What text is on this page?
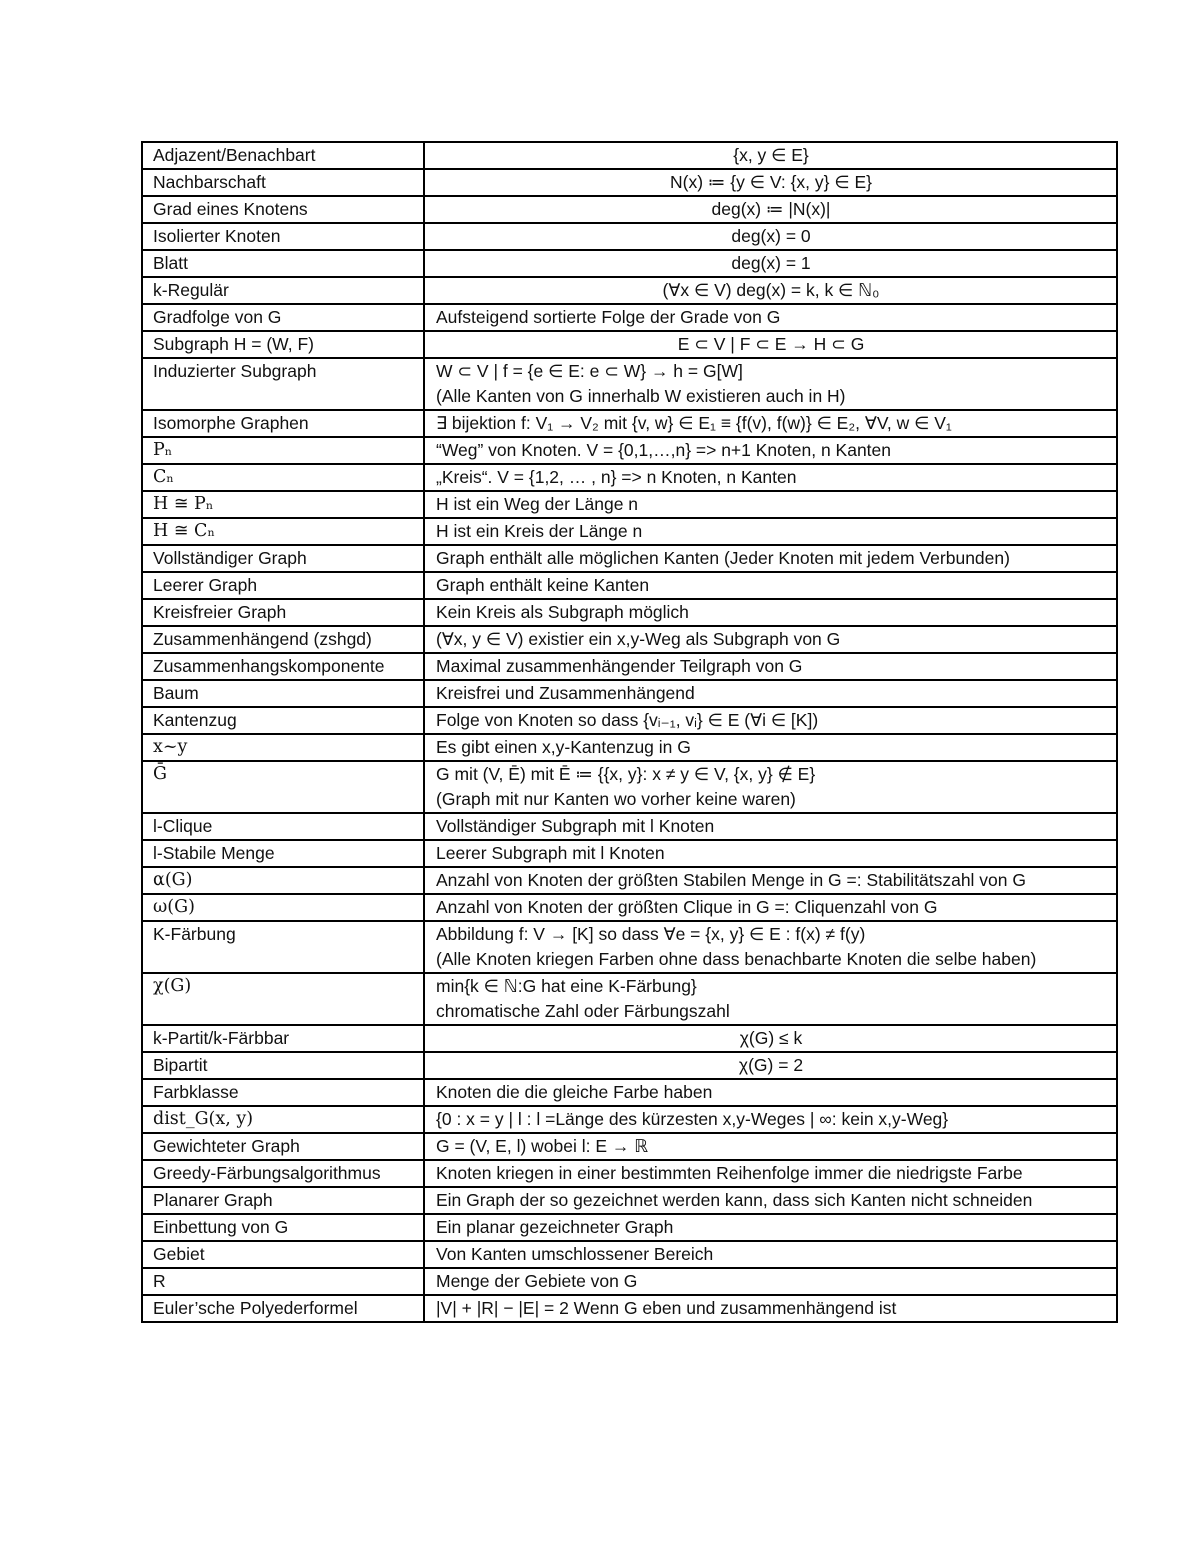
Adjazent/Benachbart	{x, y ∈ E}
Nachbarschaft	N(x) ≔ {y ∈ V: {x, y} ∈ E}
Grad eines Knotens	deg(x) ≔ |N(x)|
Isolierter Knoten	deg(x) = 0
Blatt	deg(x) = 1
k-Regulär	(∀x ∈ V) deg(x) = k, k ∈ ℕ₀
Gradfolge von G	Aufsteigend sortierte Folge der Grade von G
Subgraph H = (W, F)	E ⊂ V | F ⊂ E → H ⊂ G
Induzierter Subgraph	W ⊂ V | f = {e ∈ E: e ⊂ W} → h = G[W]
(Alle Kanten von G innerhalb W existieren auch in H)
Isomorphe Graphen	∃ bijektion f: V₁ → V₂ mit {v, w} ∈ E₁ ≡ {f(v), f(w)} ∈ E₂, ∀V, w ∈ V₁
Pₙ	“Weg” von Knoten. V = {0,1,…,n} => n+1 Knoten, n Kanten
Cₙ	„Kreis“. V = {1,2, … , n} => n Knoten, n Kanten
H ≅ Pₙ	H ist ein Weg der Länge n
H ≅ Cₙ	H ist ein Kreis der Länge n
Vollständiger Graph	Graph enthält alle möglichen Kanten (Jeder Knoten mit jedem Verbunden)
Leerer Graph	Graph enthält keine Kanten
Kreisfreier Graph	Kein Kreis als Subgraph möglich
Zusammenhängend (zshgd)	(∀x, y ∈ V) existier ein x,y-Weg als Subgraph von G
Zusammenhangskomponente	Maximal zusammenhängender Teilgraph von G
Baum	Kreisfrei und Zusammenhängend
Kantenzug	Folge von Knoten so dass {vᵢ₋₁, vᵢ} ∈ E (∀i ∈ [K])
x~y	Es gibt einen x,y-Kantenzug in G
Ḡ	G mit (V, Ē) mit Ē ≔ {{x, y}: x ≠ y ∈ V, {x, y} ∉ E}
(Graph mit nur Kanten wo vorher keine waren)
l-Clique	Vollständiger Subgraph mit l Knoten
l-Stabile Menge	Leerer Subgraph mit l Knoten
α(G)	Anzahl von Knoten der größten Stabilen Menge in G =: Stabilitätszahl von G
ω(G)	Anzahl von Knoten der größten Clique in G =: Cliquenzahl von G
K-Färbung	Abbildung f: V → [K] so dass ∀e = {x, y} ∈ E : f(x) ≠ f(y)
(Alle Knoten kriegen Farben ohne dass benachbarte Knoten die selbe haben)
χ(G)	min{k ∈ ℕ:G hat eine K-Färbung}
chromatische Zahl oder Färbungszahl
k-Partit/k-Färbbar	χ(G) ≤ k
Bipartit	χ(G) = 2
Farbklasse	Knoten die die gleiche Farbe haben
dist_G(x, y)	{0 : x = y | l : l =Länge des kürzesten x,y-Weges | ∞: kein x,y-Weg}
Gewichteter Graph	G = (V, E, l) wobei l: E → ℝ
Greedy-Färbungsalgorithmus	Knoten kriegen in einer bestimmten Reihenfolge immer die niedrigste Farbe
Planarer Graph	Ein Graph der so gezeichnet werden kann, dass sich Kanten nicht schneiden
Einbettung von G	Ein planar gezeichneter Graph
Gebiet	Von Kanten umschlossener Bereich
R	Menge der Gebiete von G
Euler’sche Polyederformel	|V| + |R| − |E| = 2 Wenn G eben und zusammenhängend ist
